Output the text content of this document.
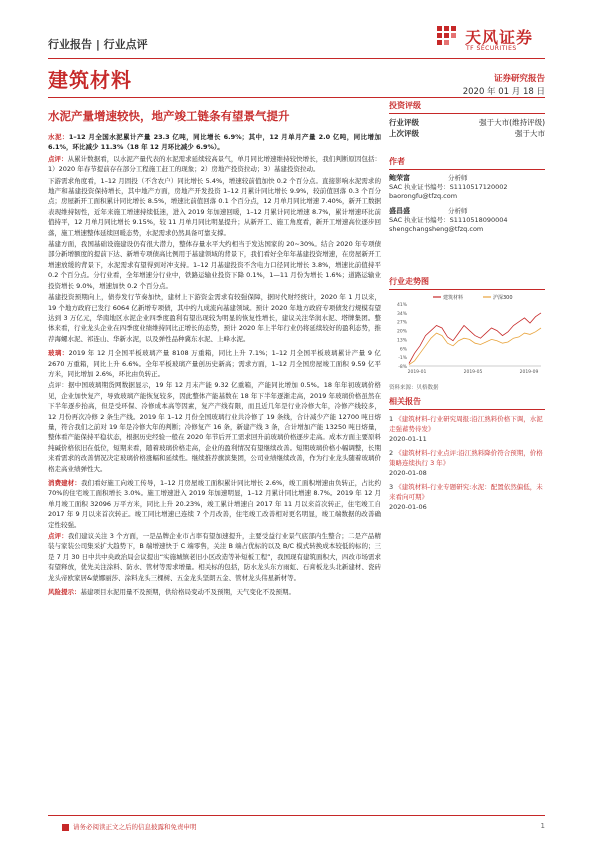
行业报告 | 行业点评	天风证券
TF SECURITIES
建筑材料	证券研究报告
2020 年 01 月 18 日
水泥产量增速较快，地产竣工链条有望景气提升

水泥：1–12 月全国水泥累计产量 23.3 亿吨，同比增长 6.9%；其中，12 月单月产量 2.0 亿吨，同比增加 6.1%，环比减少 11.3%（18 年 12 月环比减少 6.9%）。

点评：从累计数据看，以水泥产量代表的水泥需求延续较高景气，单月同比增速维持较快增长，我们判断原因包括：1）2020 年春节提前存在部分工程施工赶工的现象；2）房地产投资拉动；3）基建投资拉动。

下游需求角度看，1–12 月固投（不含农户）同比增长 5.4%，增速较前值加快 0.2 个百分点。直接影响水泥需求的地产和基建投资保持增长，其中地产方面，房地产开发投资 1–12 月累计同比增长 9.9%，较前值回落 0.3 个百分点；房屋新开工面积累计同比增长 8.5%，增速比前值回落 0.1 个百分点，12 月单月同比增速 7.40%，新开工数据表现维持韧性，近年来施工增速持续低迷，进入 2019 年加速回暖，1–12 月累计同比增速 8.7%，累计增速环比前值持平，12 月单月同比增长 9.15%，较 11 月单月同比明显提升；从新开工、施工角度看，新开工增速高位逐步回落，施工增速整体延续回暖态势，水泥需求仍然具备可靠支撑。

基建方面，我国基础设施建设仍有很大潜力，整体存量水平大约相当于发达国家的 20~30%。结合 2020 年专项债部分新增额度的提前下达、新增专项债高比例用于基建领域的背景下，我们看好全年年基建投资增速，在房屋新开工增速放缓的背景下，水泥需求有望得到对冲支持。1–12 月基建投资不含电力口径同比增长 3.8%，增速比前值持平 0.2 个百分点。分行业看，全年增速分行业中，铁路运输业投资下降 0.1%，1—11 月份为增长 1.6%；道路运输业投资增长 9.0%，增速加快 0.2 个百分点。

基建投资预期向上，债券发行节奏加快，建材上下游资金需求有较强保障，据时代财经统计，2020 年 1 月以来，19 个地方政府已发行 6064 亿新增专项债，其中约九成流向基建领域。预计 2020 年地方政府专项债发行规模有望达到 3 万亿元，华南地区水泥企业四季度盈利有望出现较为明显的恢复性增长，建议关注华润水泥、塔牌集团。整体来看，行业龙头企业在四季度业绩维持同比正增长的态势，预计 2020 年上半年行业仍将延续较好的盈利态势，推荐海螺水泥、祁连山、华新水泥，以及弹性品种冀东水泥、上峰水泥。

玻璃：2019 年 12 月全国平板玻璃产量 8108 万重箱，同比上升 7.1%；1–12 月全国平板玻璃累计产量 9 亿 2670 万重箱，同比上升 6.6%。全年平板玻璃产量创历史新高；需求方面，1–12 月全国房屋竣工面积 9.59 亿平方米，同比增加 2.6%，环比由负转正。

点评：据中国玻璃期货网数据显示，19 年 12 月末产能 9.32 亿重箱，产能同比增加 0.5%。18 年年初玻璃价格见，企业加快复产，导致玻璃产能恢复较多，因此整体产能基数在 18 年下半年逐渐走高，2019 年玻璃价格虽然在下半年逐步抬高，但是受环保、冷修成本高等因素，复产产线有限，而且近几年是行业冷修大年，冷修产线较多，12 月份再次冷修 2 条生产线。2019 年 1–12 月份全国玻璃行业共冷修了 19 条线，合计减少产能 12700 吨日熔量，符合我们之前对 19 年是冷修大年的判断；冷修复产 16 条，新建产线 3 条，合计增加产能 13250 吨日熔量，整体看产能保持平稳状态，根据历史经验一般在 2020 年节后开工需求回升前玻璃价格逐步走高。成本方面主要原料纯碱价格依旧在低位，短期来看，随着玻璃价格走高，企业的盈利情况有望继续改善。短期玻璃价格小幅调整，长期来看需求的改善情况决定玻璃价格涨幅和延续性。继续推荐旗滨集团，公司业绩继续改善，作为行业龙头随着玻璃价格走高业绩弹性大。

消费建材：我们看好施工向竣工传导，1–12 月房屋竣工面积累计同比增长 2.6%，竣工面积增速由负转正，占比约 70%的住宅竣工面积增长 3.0%。施工增速进入 2019 年加速明显，1–12 月累计同比增速 8.7%。2019 年 12 月单月竣工面积 32096 万平方米，同比上升 20.23%，竣工累计增速自 2017 年 11 月以来首次转正，住宅竣工自 2017 年 9 月以来首次转正。竣工同比增速已连续 7 个月改善，住宅竣工改善相对更名明显，竣工端数据的改善确定性较强。

点评：我们建议关注 3 个方面，一是品牌企业市占率有望加速提升，主要受益行业景气底部内生整合；二是产品精装与家装公司集采扩大趋势下，B 端增速快于 C 端零售，关注 B 端占优标的以及 B/C 模式转换成本较低的标的；三是 7 月 30 日中共中央政治局会议提出“实施城镇老旧小区改造等补短板工程”，我国现有建筑面积大，四改市场需求有望释放，优先关注涂料、防水、管材等需求增量。相关标的包括，防水龙头东方雨虹、石膏板龙头北新建材、瓷砖龙头帝欧家居&蒙娜丽莎、涂料龙头三棵树、五金龙头坚朗五金、管材龙头伟星新材等。

风险提示：基建项目水泥用量不及预期，供给格局变动不及预期，天气变化不及预期。

投资评级
行业评级	强于大市(维持评级)
上次评级	强于大市
作者
鲍荣富	分析师
SAC 执业证书编号：S1110517120002
baorongfu@tfzq.com
盛昌盛	分析师
SAC 执业证书编号：S1110518090004
shengchangsheng@tfzq.com
行业走势图
41%
34%
27%
20%
13%
6%
-1%
-8%
2019-01	2019-05	2019-09
建筑材料	沪深300
资料来源：贝格数据
相关报告
1 《建筑材料-行业研究周报:沿江熟料价格下调，水泥走强蓄势待发》
2020-01-11
2 《建筑材料-行业点评:沿江熟料降价符合预期，价格策略连续执行 3 年》
2020-01-08
3 《建筑材料-行业专题研究:水泥：配置依然偏低，未来看向可期》
2020-01-06
请务必阅读正文之后的信息披露和免责申明	1
